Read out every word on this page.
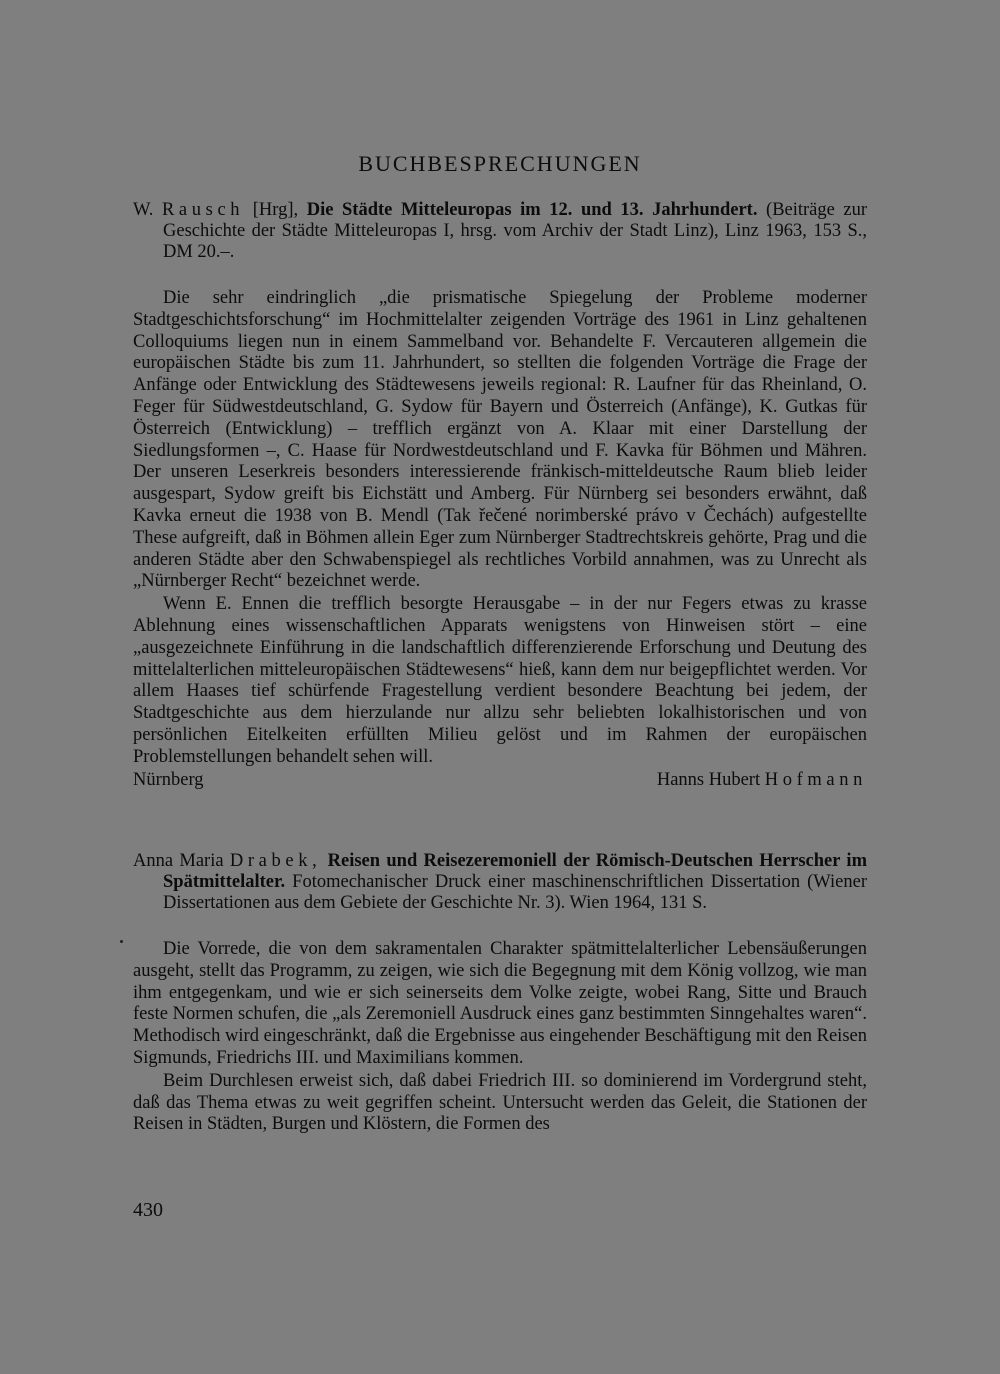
BUCHBESPRECHUNGEN
W. Rausch [Hrg], Die Städte Mitteleuropas im 12. und 13. Jahrhundert. (Beiträge zur Geschichte der Städte Mitteleuropas I, hrsg. vom Archiv der Stadt Linz), Linz 1963, 153 S., DM 20.–.

Die sehr eindringlich „die prismatische Spiegelung der Probleme moderner Stadtgeschichtsforschung“ im Hochmittelalter zeigenden Vorträge des 1961 in Linz gehaltenen Colloquiums liegen nun in einem Sammelband vor. Behandelte F. Vercauteren allgemein die europäischen Städte bis zum 11. Jahrhundert, so stellten die folgenden Vorträge die Frage der Anfänge oder Entwicklung des Städtewesens jeweils regional: R. Laufner für das Rheinland, O. Feger für Südwestdeutschland, G. Sydow für Bayern und Österreich (Anfänge), K. Gutkas für Österreich (Entwicklung) – trefflich ergänzt von A. Klaar mit einer Darstellung der Siedlungsformen –, C. Haase für Nordwestdeutschland und F. Kavka für Böhmen und Mähren. Der unseren Leserkreis besonders interessierende fränkisch-mitteldeutsche Raum blieb leider ausgespart, Sydow greift bis Eichstätt und Amberg. Für Nürnberg sei besonders erwähnt, daß Kavka erneut die 1938 von B. Mendl (Tak řečené norimberské právo v Čechách) aufgestellte These aufgreift, daß in Böhmen allein Eger zum Nürnberger Stadtrechtskreis gehörte, Prag und die anderen Städte aber den Schwabenspiegel als rechtliches Vorbild annahmen, was zu Unrecht als „Nürnberger Recht“ bezeichnet werde.

Wenn E. Ennen die trefflich besorgte Herausgabe – in der nur Fegers etwas zu krasse Ablehnung eines wissenschaftlichen Apparats wenigstens von Hinweisen stört – eine „ausgezeichnete Einführung in die landschaftlich differenzierende Erforschung und Deutung des mittelalterlichen mitteleuropäischen Städtewesens“ hieß, kann dem nur beigepflichtet werden. Vor allem Haases tief schürfende Fragestellung verdient besondere Beachtung bei jedem, der Stadtgeschichte aus dem hierzulande nur allzu sehr beliebten lokalhistorischen und von persönlichen Eitelkeiten erfüllten Milieu gelöst und im Rahmen der europäischen Problemstellungen behandelt sehen will.

Nürnberg	Hanns Hubert Hofmann
Anna Maria Drabek, Reisen und Reisezeremoniell der Römisch-Deutschen Herrscher im Spätmittelalter. Fotomechanischer Druck einer maschinenschriftlichen Dissertation (Wiener Dissertationen aus dem Gebiete der Geschichte Nr. 3). Wien 1964, 131 S.

Die Vorrede, die von dem sakramentalen Charakter spätmittelalterlicher Lebensäußerungen ausgeht, stellt das Programm, zu zeigen, wie sich die Begegnung mit dem König vollzog, wie man ihm entgegenkam, und wie er sich seinerseits dem Volke zeigte, wobei Rang, Sitte und Brauch feste Normen schufen, die „als Zeremoniell Ausdruck eines ganz bestimmten Sinngehaltes waren“. Methodisch wird eingeschränkt, daß die Ergebnisse aus eingehender Beschäftigung mit den Reisen Sigmunds, Friedrichs III. und Maximilians kommen.

Beim Durchlesen erweist sich, daß dabei Friedrich III. so dominierend im Vordergrund steht, daß das Thema etwas zu weit gegriffen scheint. Untersucht werden das Geleit, die Stationen der Reisen in Städten, Burgen und Klöstern, die Formen des

430
